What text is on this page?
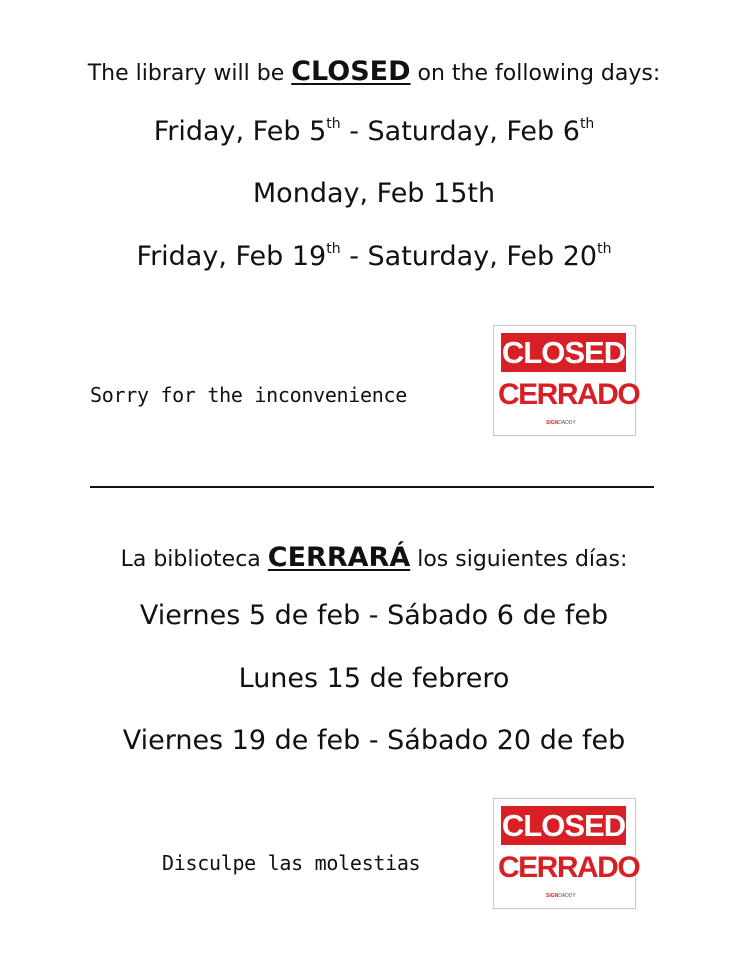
The library will be CLOSED on the following days:
Friday, Feb 5th - Saturday, Feb 6th
Monday, Feb 15th
Friday, Feb 19th - Saturday, Feb 20th
Sorry for the inconvenience
CLOSED
CERRADO
SIGNDADDY
La biblioteca CERRARÁ los siguientes días:
Viernes 5 de feb - Sábado 6 de feb
Lunes 15 de febrero
Viernes 19 de feb - Sábado 20 de feb
Disculpe las molestias
CLOSED
CERRADO
SIGNDADDY
